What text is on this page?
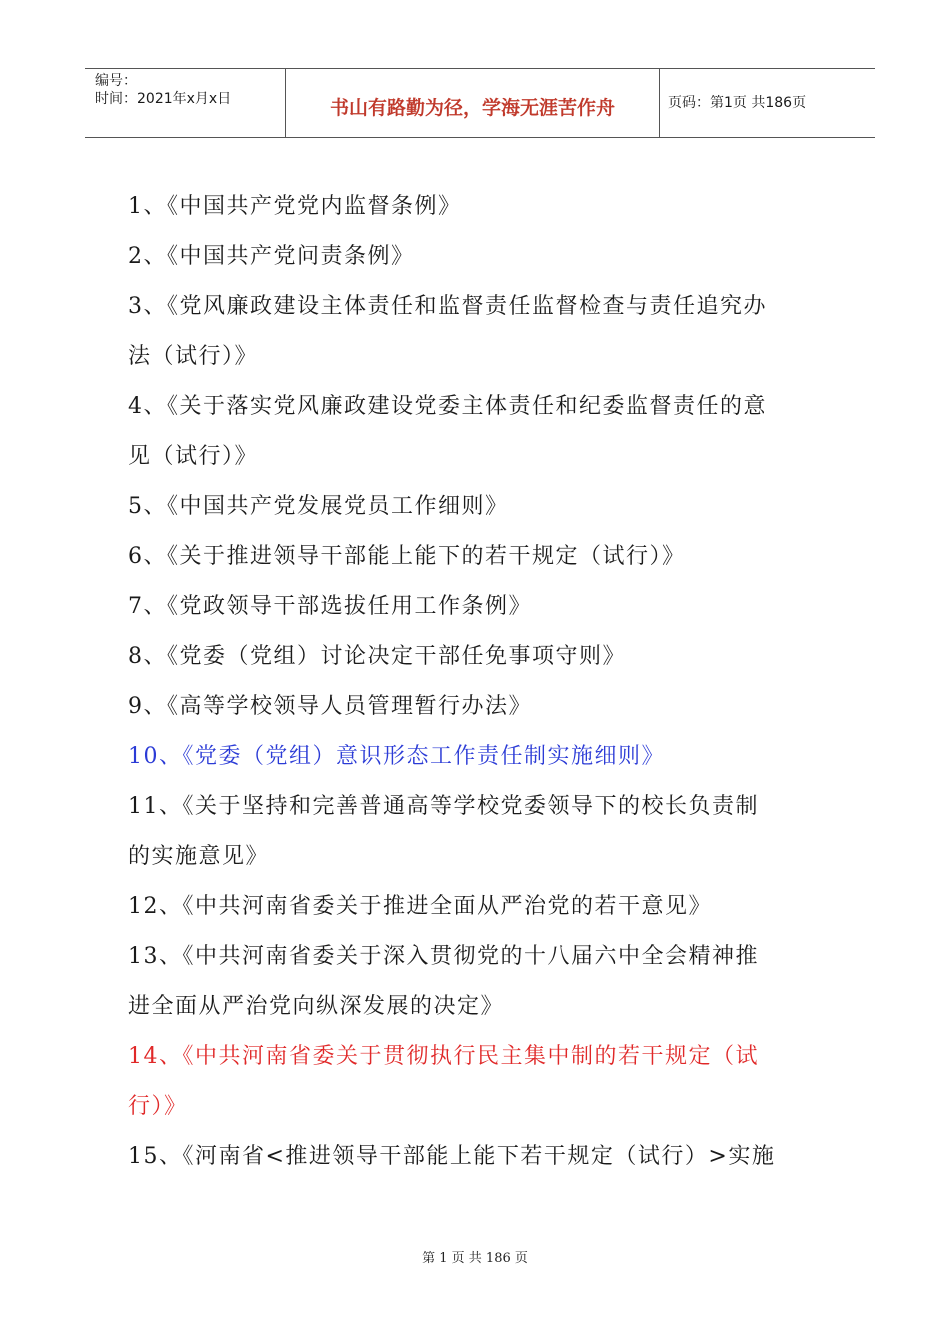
编号：
时间：2021年x月x日	书山有路勤为径，学海无涯苦作舟	页码：第1页 共186页
1、《中国共产党党内监督条例》
2、《中国共产党问责条例》
3、《党风廉政建设主体责任和监督责任监督检查与责任追究办
法（试行）》
4、《关于落实党风廉政建设党委主体责任和纪委监督责任的意
见（试行）》
5、《中国共产党发展党员工作细则》
6、《关于推进领导干部能上能下的若干规定（试行）》
7、《党政领导干部选拔任用工作条例》
8、《党委（党组）讨论决定干部任免事项守则》
9、《高等学校领导人员管理暂行办法》
10、《党委（党组）意识形态工作责任制实施细则》
11、《关于坚持和完善普通高等学校党委领导下的校长负责制
的实施意见》
12、《中共河南省委关于推进全面从严治党的若干意见》
13、《中共河南省委关于深入贯彻党的十八届六中全会精神推
进全面从严治党向纵深发展的决定》
14、《中共河南省委关于贯彻执行民主集中制的若干规定（试
行）》
15、《河南省<推进领导干部能上能下若干规定（试行）>实施
第 1 页 共 186 页
